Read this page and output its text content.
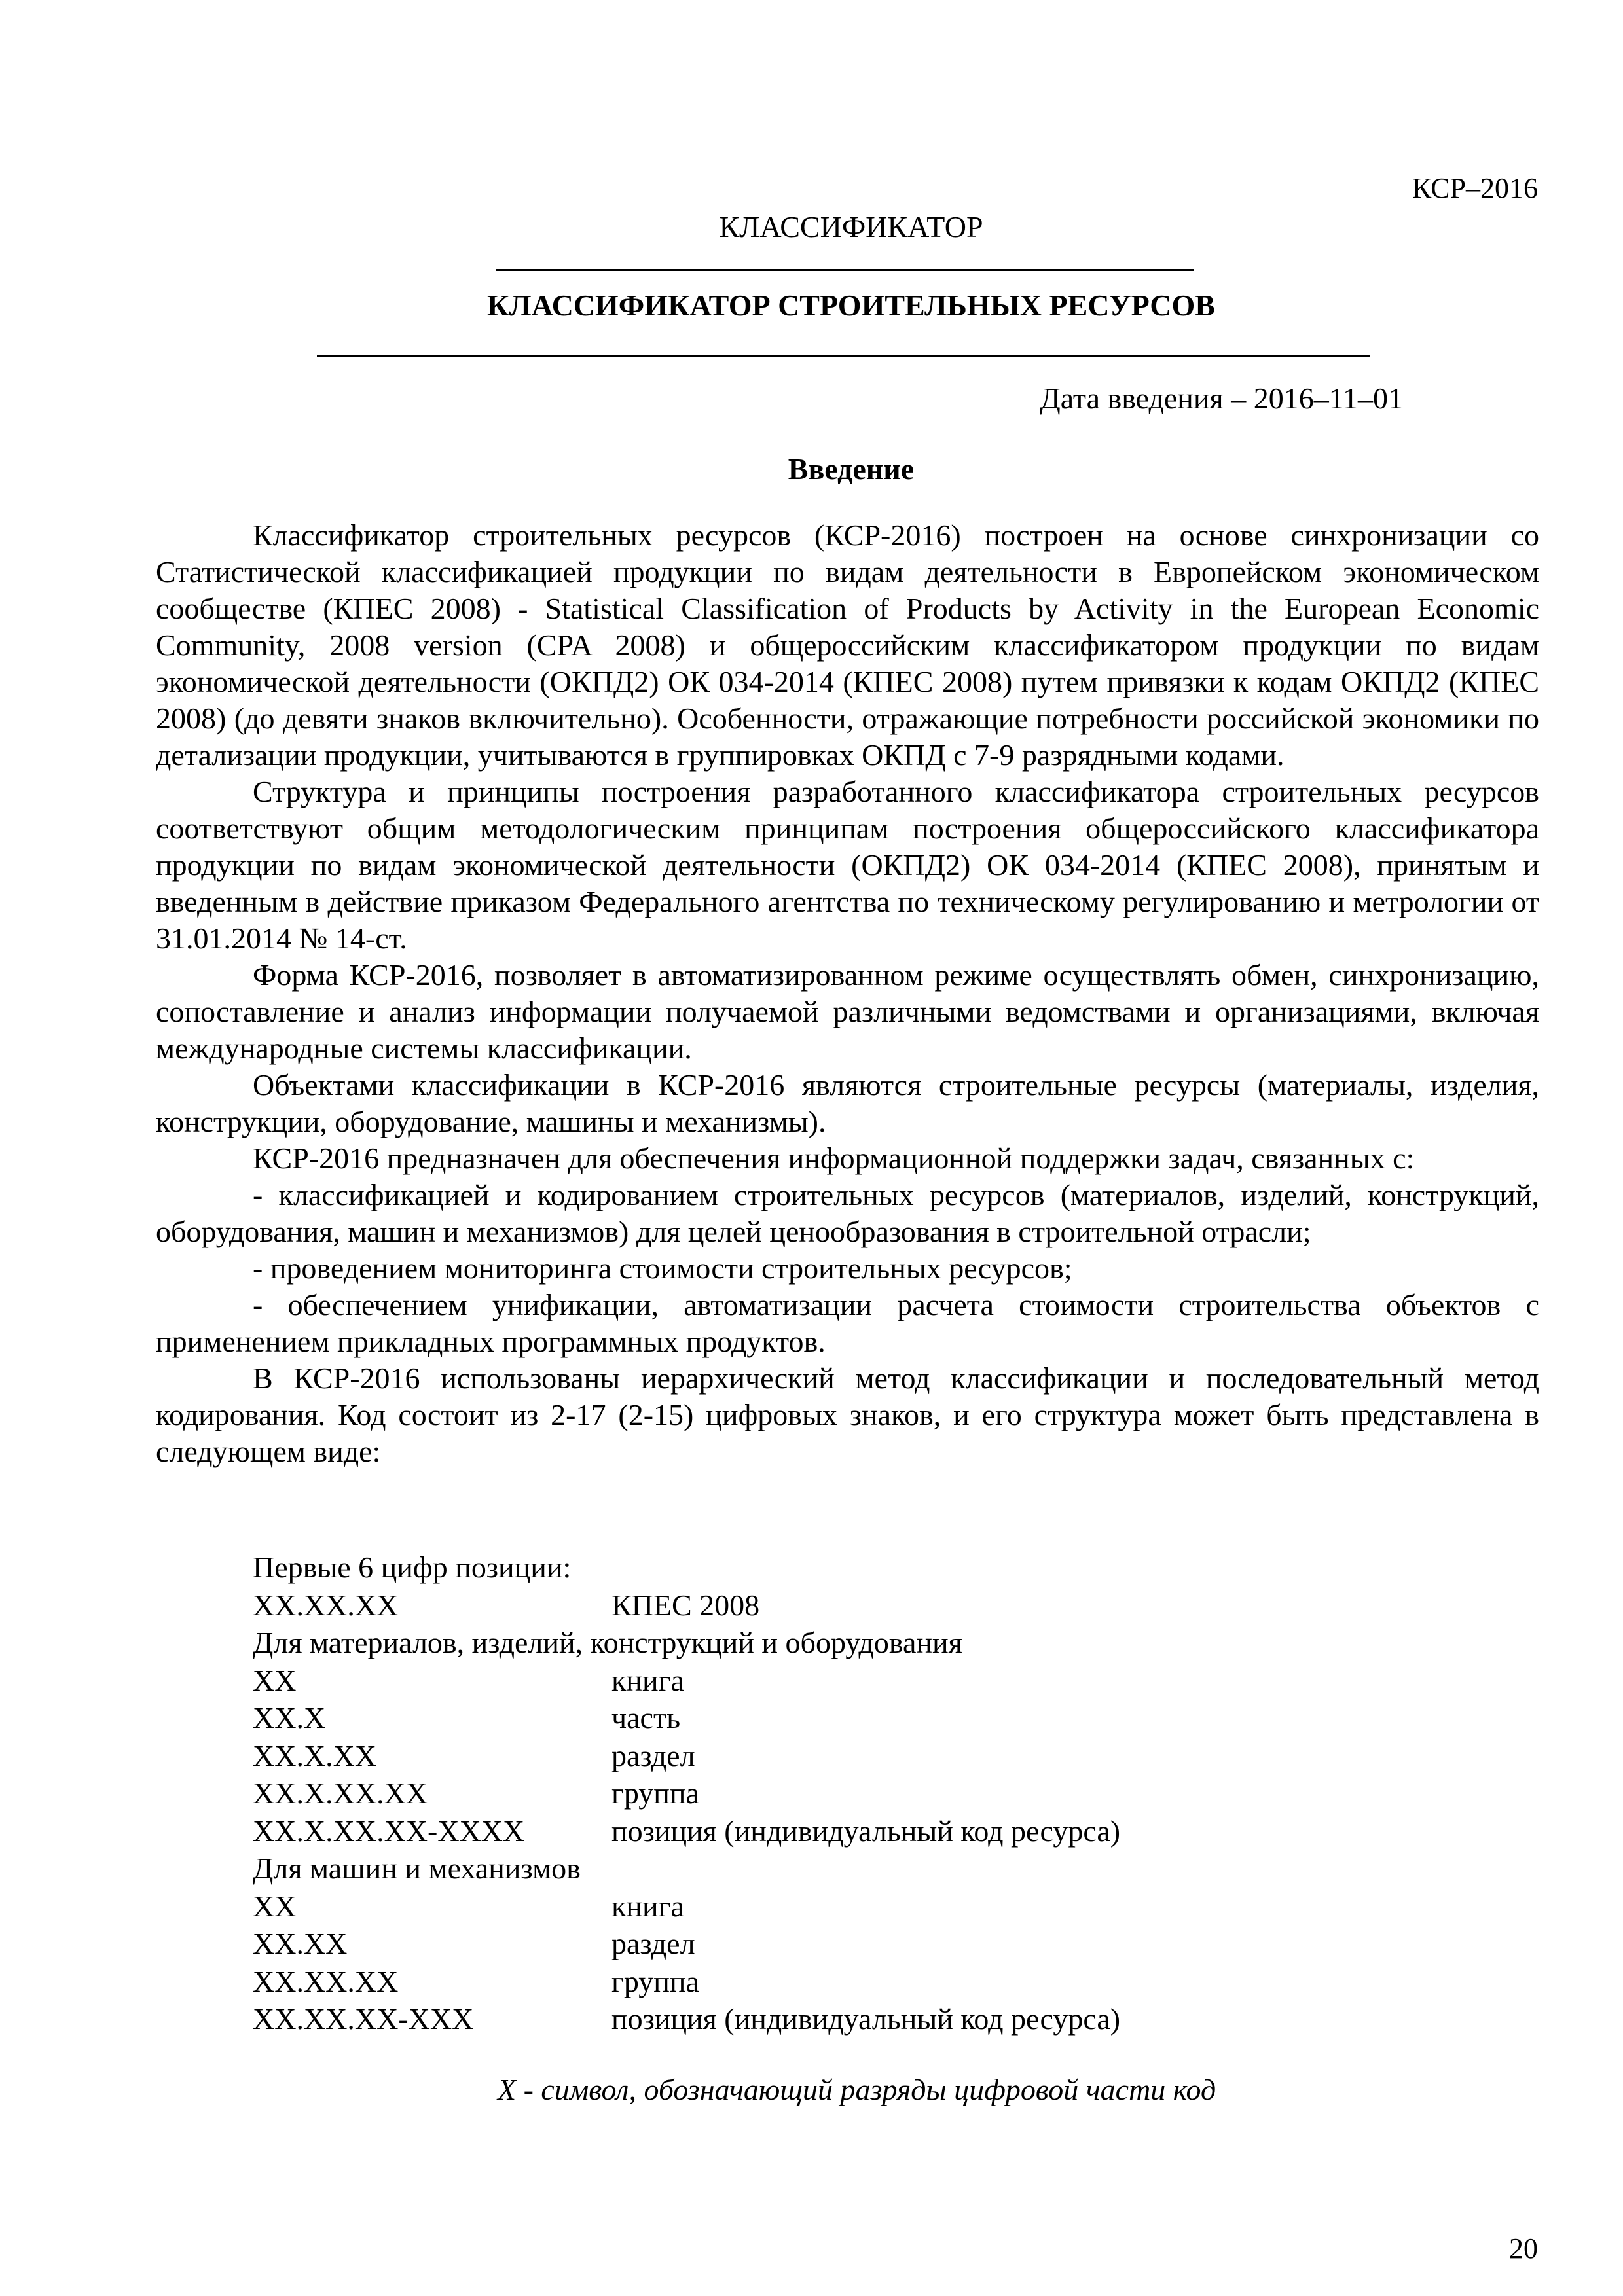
КСР–2016
КЛАССИФИКАТОР
КЛАССИФИКАТОР СТРОИТЕЛЬНЫХ РЕСУРСОВ
Дата введения – 2016–11–01
Введение

Классификатор строительных ресурсов (КСР-2016) построен на основе синхронизации со Статистической классификацией продукции по видам деятельности в Европейском экономическом сообществе (КПЕС 2008) - Statistical Classification of Products by Activity in the European Economic Community, 2008 version (CPA 2008) и общероссийским классификатором продукции по видам экономической деятельности (ОКПД2) ОК 034-2014 (КПЕС 2008) путем привязки к кодам ОКПД2 (КПЕС 2008) (до девяти знаков включительно). Особенности, отражающие потребности российской экономики по детализации продукции, учитываются в группировках ОКПД с 7-9 разрядными кодами.

Структура и принципы построения разработанного классификатора строительных ресурсов соответствуют общим методологическим принципам построения общероссийского классификатора продукции по видам экономической деятельности (ОКПД2) ОК 034-2014 (КПЕС 2008), принятым и введенным в действие приказом Федерального агентства по техническому регулированию и метрологии от 31.01.2014 № 14-ст.

Форма КСР-2016, позволяет в автоматизированном режиме осуществлять обмен, синхронизацию, сопоставление и анализ информации получаемой различными ведомствами и организациями, включая международные системы классификации.

Объектами классификации в КСР-2016 являются строительные ресурсы (материалы, изделия, конструкции, оборудование, машины и механизмы).

КСР-2016 предназначен для обеспечения информационной поддержки задач, связанных с:

- классификацией и кодированием строительных ресурсов (материалов, изделий, конструкций, оборудования, машин и механизмов) для целей ценообразования в строительной отрасли;

- проведением мониторинга стоимости строительных ресурсов;

- обеспечением унификации, автоматизации расчета стоимости строительства объектов с применением прикладных программных продуктов.

В КСР-2016 использованы иерархический метод классификации и последовательный метод кодирования. Код состоит из 2-17 (2-15) цифровых знаков, и его структура может быть представлена в следующем виде:

Первые 6 цифр позиции:
XX.XX.XX	КПЕС 2008
Для материалов, изделий, конструкций и оборудования
XX	книга
XX.X	часть
XX.X.XX	раздел
XX.X.XX.XX	группа
XX.X.XX.XX-XXXX	позиция (индивидуальный код ресурса)
Для машин и механизмов
XX	книга
XX.XX	раздел
XX.XX.XX	группа
XX.XX.XX-XXX	позиция (индивидуальный код ресурса)
X - символ, обозначающий разряды цифровой части код
20
